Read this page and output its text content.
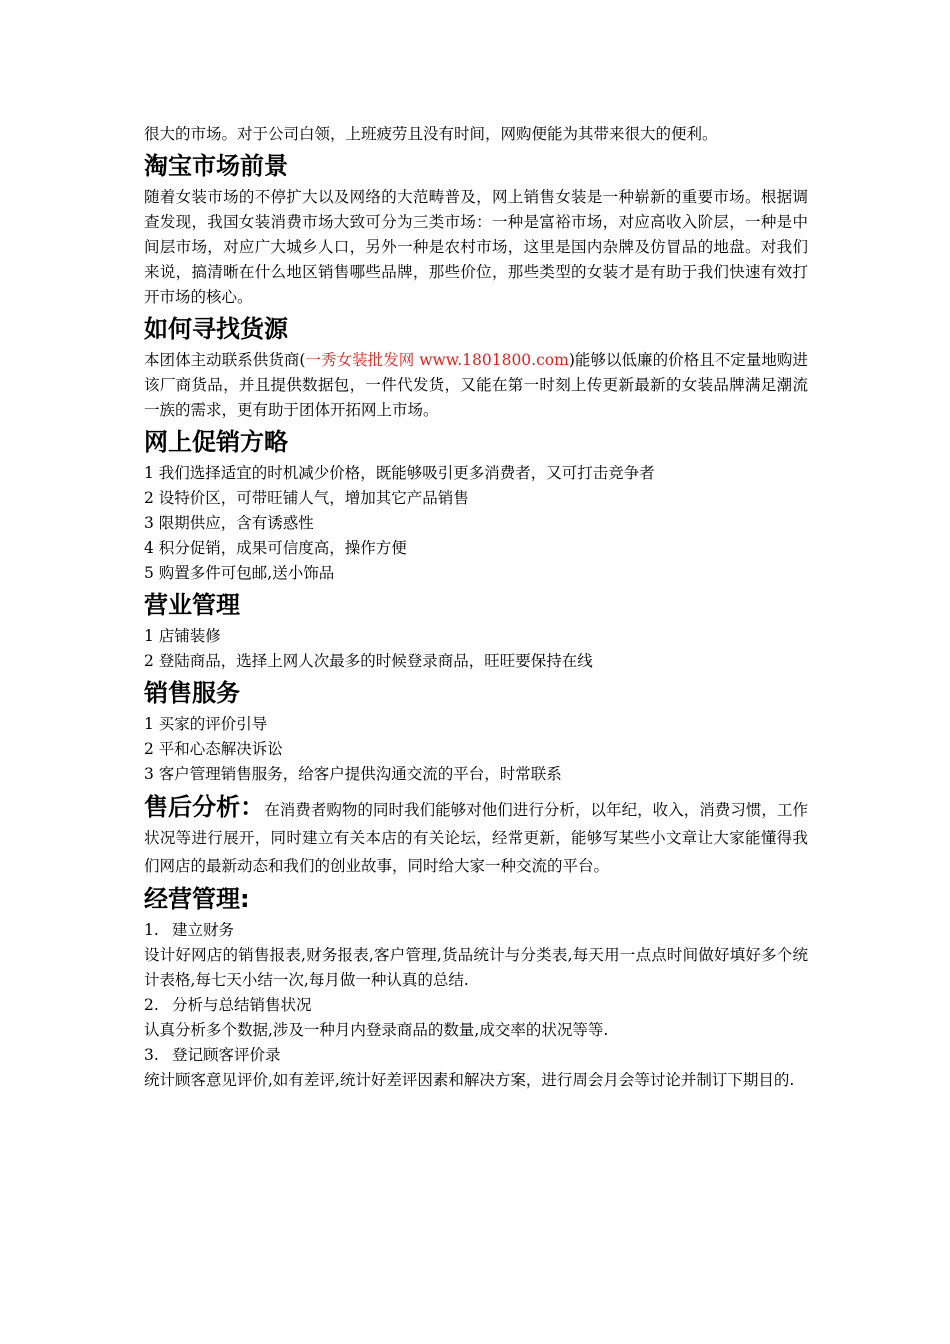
很大的市场。对于公司白领，上班疲劳且没有时间，网购便能为其带来很大的便利。

淘宝市场前景

随着女装市场的不停扩大以及网络的大范畴普及，网上销售女装是一种崭新的重要市场。根据调查发现，我国女装消费市场大致可分为三类市场：一种是富裕市场，对应高收入阶层，一种是中间层市场，对应广大城乡人口，另外一种是农村市场，这里是国内杂牌及仿冒品的地盘。对我们来说，搞清晰在什么地区销售哪些品牌，那些价位，那些类型的女装才是有助于我们快速有效打开市场的核心。

如何寻找货源

本团体主动联系供货商(一秀女装批发网 www.1801800.com)能够以低廉的价格且不定量地购进该厂商货品，并且提供数据包，一件代发货，又能在第一时刻上传更新最新的女装品牌满足潮流一族的需求，更有助于团体开拓网上市场。

网上促销方略

1 我们选择适宜的时机减少价格，既能够吸引更多消费者，又可打击竞争者

2 设特价区，可带旺铺人气，增加其它产品销售

3 限期供应，含有诱惑性

4 积分促销，成果可信度高，操作方便

5 购置多件可包邮,送小饰品

营业管理

1 店铺装修

2 登陆商品，选择上网人次最多的时候登录商品，旺旺要保持在线

销售服务

1 买家的评价引导

2 平和心态解决诉讼

3 客户管理销售服务，给客户提供沟通交流的平台，时常联系

售后分析：在消费者购物的同时我们能够对他们进行分析，以年纪，收入，消费习惯，工作状况等进行展开，同时建立有关本店的有关论坛，经常更新，能够写某些小文章让大家能懂得我们网店的最新动态和我们的创业故事，同时给大家一种交流的平台。

经营管理:

1. 建立财务

设计好网店的销售报表,财务报表,客户管理,货品统计与分类表,每天用一点点时间做好填好多个统计表格,每七天小结一次,每月做一种认真的总结.

2. 分析与总结销售状况

认真分析多个数据,涉及一种月内登录商品的数量,成交率的状况等等.

3. 登记顾客评价录

统计顾客意见评价,如有差评,统计好差评因素和解决方案，进行周会月会等讨论并制订下期目的.
